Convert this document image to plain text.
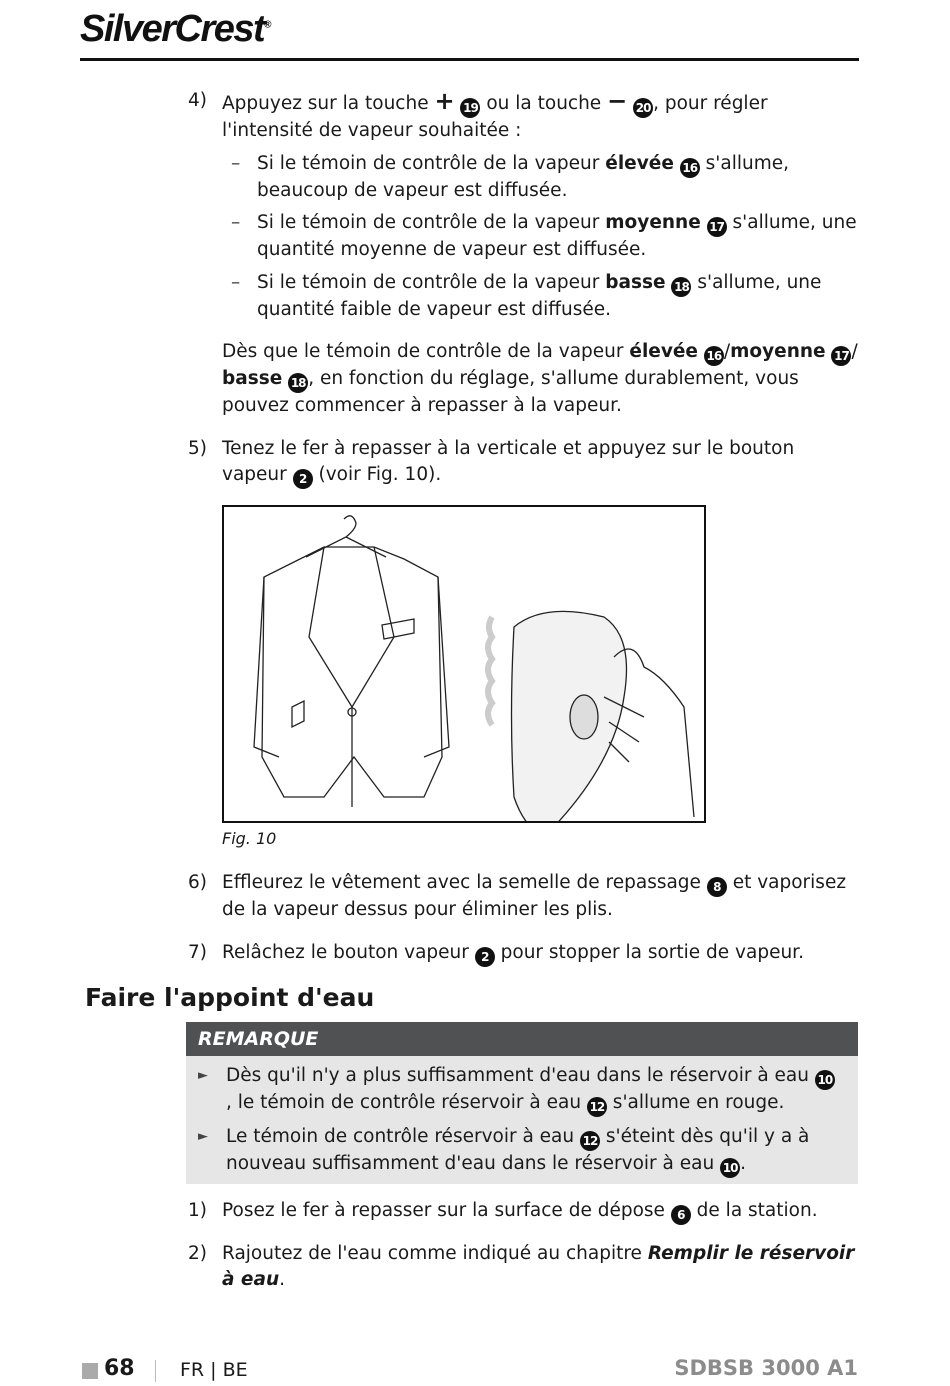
SilverCrest®
4) Appuyez sur la touche + 19 ou la touche − 20 , pour régler l'intensité de vapeur souhaitée :
– Si le témoin de contrôle de la vapeur élevée 16 s'allume, beaucoup de vapeur est diffusée.
– Si le témoin de contrôle de la vapeur moyenne 17 s'allume, une quantité moyenne de vapeur est diffusée.
– Si le témoin de contrôle de la vapeur basse 18 s'allume, une quantité faible de vapeur est diffusée.
Dès que le témoin de contrôle de la vapeur élevée 16 /moyenne 17 / basse 18 , en fonction du réglage, s'allume durablement, vous pouvez commencer à repasser à la vapeur.
5) Tenez le fer à repasser à la verticale et appuyez sur le bouton vapeur 2 (voir Fig. 10).
Fig. 10
6) Effleurez le vêtement avec la semelle de repassage 8 et vaporisez de la vapeur dessus pour éliminer les plis.
7) Relâchez le bouton vapeur 2 pour stopper la sortie de vapeur.
Faire l'appoint d'eau
REMARQUE
► Dès qu'il n'y a plus suffisamment d'eau dans le réservoir à eau 10, le témoin de contrôle réservoir à eau 12 s'allume en rouge.
► Le témoin de contrôle réservoir à eau 12 s'éteint dès qu'il y a à nouveau suffisamment d'eau dans le réservoir à eau 10 .
1) Posez le fer à repasser sur la surface de dépose 6 de la station.
2) Rajoutez de l'eau comme indiqué au chapitre Remplir le réservoir à eau.
68 FR | BE	SDBSB 3000 A1
